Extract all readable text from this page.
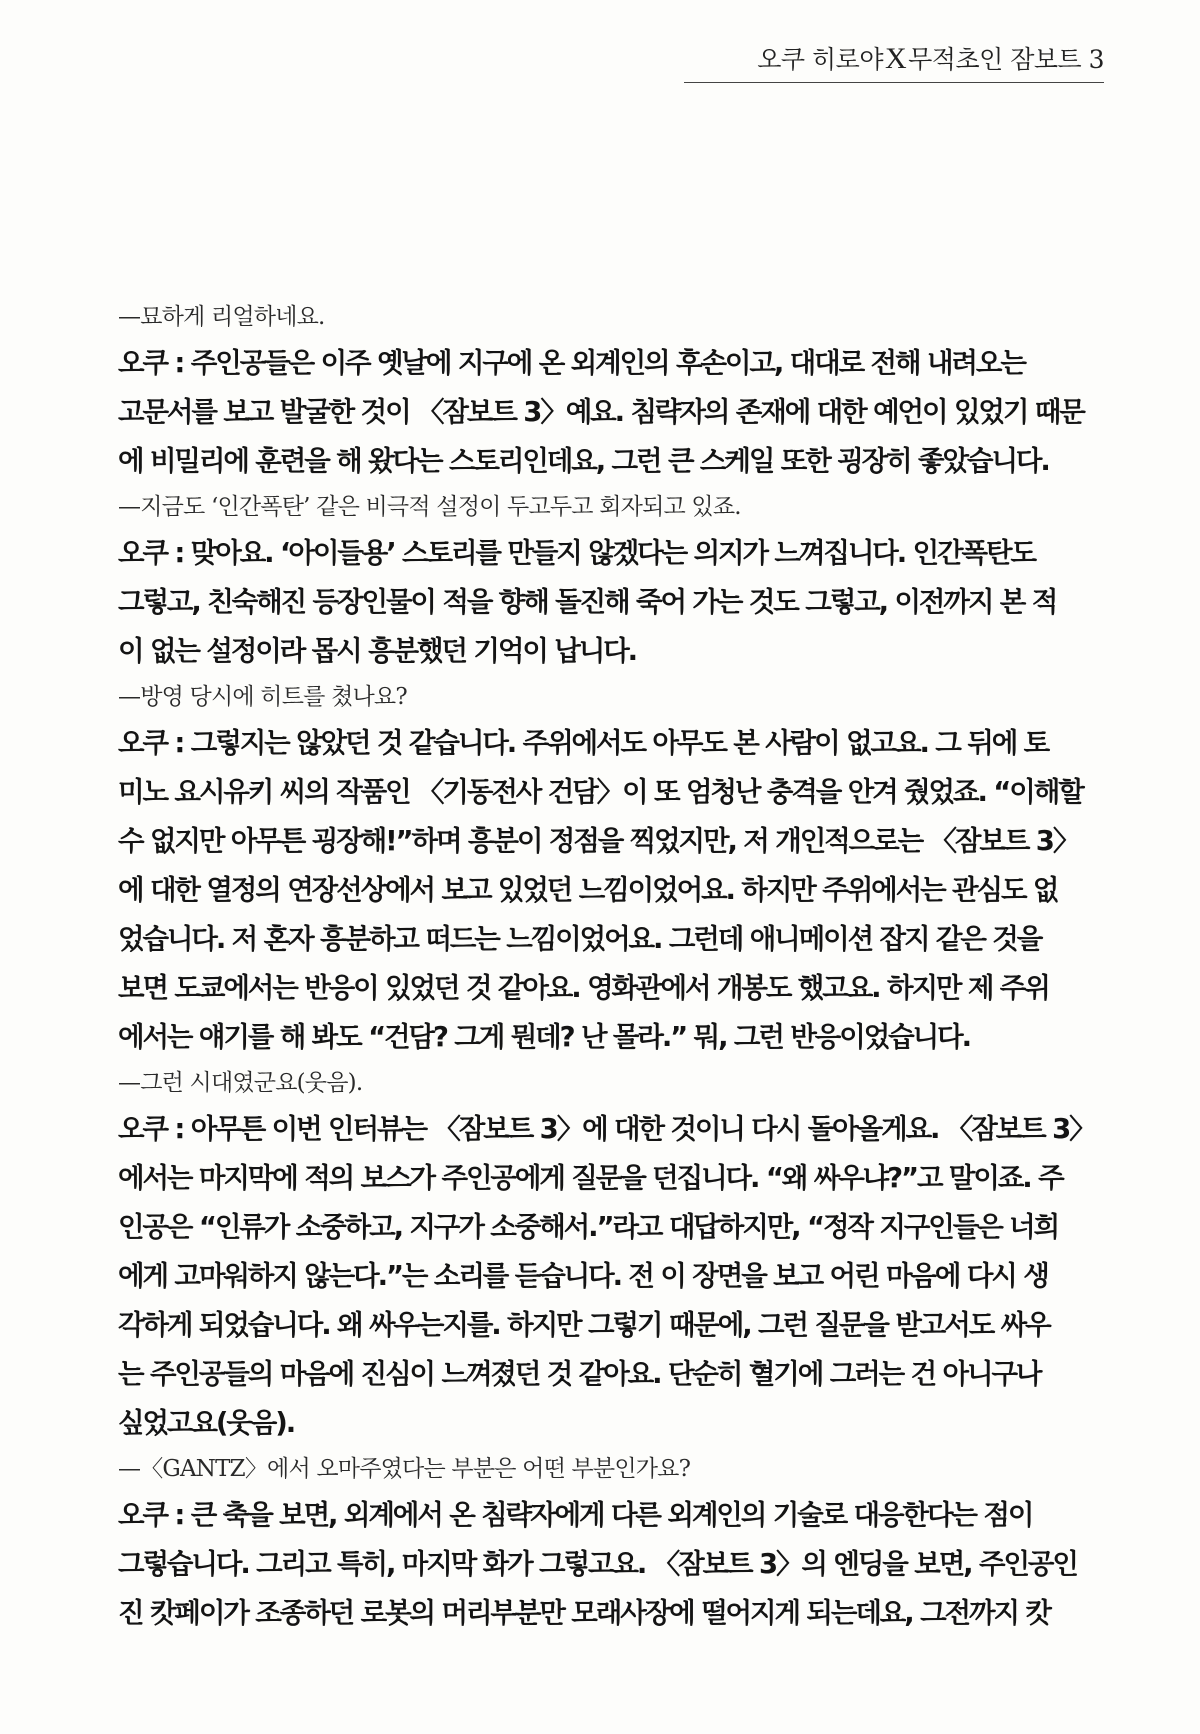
오쿠 히로야X무적초인 잠보트 3

—묘하게 리얼하네요.

오쿠 : 주인공들은 이주 옛날에 지구에 온 외계인의 후손이고, 대대로 전해 내려오는

고문서를 보고 발굴한 것이 〈잠보트 3〉예요. 침략자의 존재에 대한 예언이 있었기 때문

에 비밀리에 훈련을 해 왔다는 스토리인데요, 그런 큰 스케일 또한 굉장히 좋았습니다.

—지금도 ‘인간폭탄’ 같은 비극적 설정이 두고두고 회자되고 있죠.

오쿠 : 맞아요. ‘아이들용’ 스토리를 만들지 않겠다는 의지가 느껴집니다. 인간폭탄도

그렇고, 친숙해진 등장인물이 적을 향해 돌진해 죽어 가는 것도 그렇고, 이전까지 본 적

이 없는 설정이라 몹시 흥분했던 기억이 납니다.

—방영 당시에 히트를 쳤나요?

오쿠 : 그렇지는 않았던 것 같습니다. 주위에서도 아무도 본 사람이 없고요. 그 뒤에 토

미노 요시유키 씨의 작품인 〈기동전사 건담〉이 또 엄청난 충격을 안겨 줬었죠. “이해할

수 없지만 아무튼 굉장해!”하며 흥분이 정점을 찍었지만, 저 개인적으로는 〈잠보트 3〉

에 대한 열정의 연장선상에서 보고 있었던 느낌이었어요. 하지만 주위에서는 관심도 없

었습니다. 저 혼자 흥분하고 떠드는 느낌이었어요. 그런데 애니메이션 잡지 같은 것을

보면 도쿄에서는 반응이 있었던 것 같아요. 영화관에서 개봉도 했고요. 하지만 제 주위

에서는 얘기를 해 봐도 “건담? 그게 뭔데? 난 몰라.” 뭐, 그런 반응이었습니다.

—그런 시대였군요(웃음).

오쿠 : 아무튼 이번 인터뷰는 〈잠보트 3〉에 대한 것이니 다시 돌아올게요. 〈잠보트 3〉

에서는 마지막에 적의 보스가 주인공에게 질문을 던집니다. “왜 싸우냐?”고 말이죠. 주

인공은 “인류가 소중하고, 지구가 소중해서.”라고 대답하지만, “정작 지구인들은 너희

에게 고마워하지 않는다.”는 소리를 듣습니다. 전 이 장면을 보고 어린 마음에 다시 생

각하게 되었습니다. 왜 싸우는지를. 하지만 그렇기 때문에, 그런 질문을 받고서도 싸우

는 주인공들의 마음에 진심이 느껴졌던 것 같아요. 단순히 혈기에 그러는 건 아니구나

싶었고요(웃음).

—〈GANTZ〉에서 오마주였다는 부분은 어떤 부분인가요?

오쿠 : 큰 축을 보면, 외계에서 온 침략자에게 다른 외계인의 기술로 대응한다는 점이

그렇습니다. 그리고 특히, 마지막 화가 그렇고요. 〈잠보트 3〉의 엔딩을 보면, 주인공인

진 캇페이가 조종하던 로봇의 머리부분만 모래사장에 떨어지게 되는데요, 그전까지 캇
